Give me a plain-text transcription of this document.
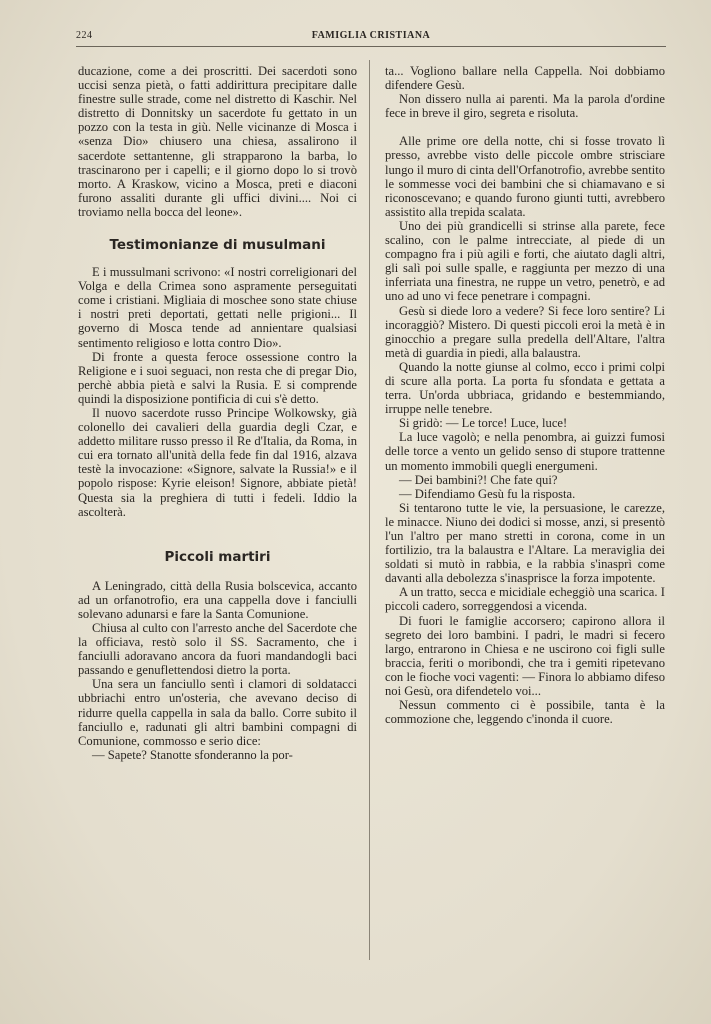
224	FAMIGLIA CRISTIANA

ducazione, come a dei proscritti. Dei sacerdoti sono uccisi senza pietà, o fatti addirittura precipitare dalle finestre sulle strade, come nel distretto di Kaschir. Nel distretto di Donnitsky un sacerdote fu gettato in un pozzo con la testa in giù. Nelle vicinanze di Mosca i «senza Dio» chiusero una chiesa, assalirono il sacerdote settantenne, gli strapparono la barba, lo trascinarono per i capelli; e il giorno dopo lo si trovò morto. A Kraskow, vicino a Mosca, preti e diaconi furono assaliti durante gli uffici divini.... Noi ci troviamo nella bocca del leone».

Testimonianze di musulmani

E i mussulmani scrivono: «I nostri correligionari del Volga e della Crimea sono aspramente perseguitati come i cristiani. Migliaia di moschee sono state chiuse i nostri preti deportati, gettati nelle prigioni... Il governo di Mosca tende ad annientare qualsiasi sentimento religioso e lotta contro Dio».

Di fronte a questa feroce ossessione contro la Religione e i suoi seguaci, non resta che di pregar Dio, perchè abbia pietà e salvi la Rusia. E si comprende quindi la disposizione pontificia di cui s'è detto.

Il nuovo sacerdote russo Principe Wolkowsky, già colonello dei cavalieri della guardia degli Czar, e addetto militare russo presso il Re d'Italia, da Roma, in cui era tornato all'unità della fede fin dal 1916, alzava testè la invocazione: «Signore, salvate la Russia!» e il popolo rispose: Kyrie eleison! Signore, abbiate pietà! Questa sia la preghiera di tutti i fedeli. Iddio la ascolterà.

Piccoli martiri

A Leningrado, città della Rusia bolscevica, accanto ad un orfanotrofio, era una cappella dove i fanciulli solevano adunarsi e fare la Santa Comunione.

Chiusa al culto con l'arresto anche del Sacerdote che la officiava, restò solo il SS. Sacramento, che i fanciulli adoravano ancora da fuori mandandogli baci passando e genuflettendosi dietro la porta.

Una sera un fanciullo sentì i clamori di soldatacci ubbriachi entro un'osteria, che avevano deciso di ridurre quella cappella in sala da ballo. Corre subito il fanciullo e, radunati gli altri bambini compagni di Comunione, commosso e serio dice:

— Sapete? Stanotte sfonderanno la por-

ta... Vogliono ballare nella Cappella. Noi dobbiamo difendere Gesù.

Non dissero nulla ai parenti. Ma la parola d'ordine fece in breve il giro, segreta e risoluta.

Alle prime ore della notte, chi si fosse trovato lì presso, avrebbe visto delle piccole ombre strisciare lungo il muro di cinta dell'Orfanotrofio, avrebbe sentito le sommesse voci dei bambini che si chiamavano e si riconoscevano; e quando furono giunti tutti, avrebbero assistito alla trepida scalata.

Uno dei più grandicelli si strinse alla parete, fece scalino, con le palme intrecciate, al piede di un compagno fra i più agili e forti, che aiutato dagli altri, gli salì poi sulle spalle, e raggiunta per mezzo di una inferriata una finestra, ne ruppe un vetro, penetrò, e ad uno ad uno vi fece penetrare i compagni.

Gesù si diede loro a vedere? Si fece loro sentire? Li incoraggiò? Mistero. Di questi piccoli eroi la metà è in ginocchio a pregare sulla predella dell'Altare, l'altra metà di guardia in piedi, alla balaustra.

Quando la notte giunse al colmo, ecco i primi colpi di scure alla porta. La porta fu sfondata e gettata a terra. Un'orda ubbriaca, gridando e bestemmiando, irruppe nelle tenebre.

Si gridò: — Le torce! Luce, luce!

La luce vagolò; e nella penombra, ai guizzi fumosi delle torce a vento un gelido senso di stupore trattenne un momento immobili quegli energumeni.

— Dei bambini?! Che fate qui?

— Difendiamo Gesù fu la risposta.

Si tentarono tutte le vie, la persuasione, le carezze, le minacce. Niuno dei dodici si mosse, anzi, si presentò l'un l'altro per mano stretti in corona, come in un fortilizio, tra la balaustra e l'Altare. La meraviglia dei soldati si mutò in rabbia, e la rabbia s'inasprì come davanti alla debolezza s'inasprisce la forza impotente.

A un tratto, secca e micidiale echeggiò una scarica. I piccoli cadero, sorreggendosi a vicenda.

Di fuori le famiglie accorsero; capirono allora il segreto dei loro bambini. I padri, le madri si fecero largo, entrarono in Chiesa e ne uscirono coi figli sulle braccia, feriti o moribondi, che tra i gemiti ripetevano con le fioche voci vagenti: — Finora lo abbiamo difeso noi Gesù, ora difendetelo voi...

Nessun commento ci è possibile, tanta è la commozione che, leggendo c'inonda il cuore.
